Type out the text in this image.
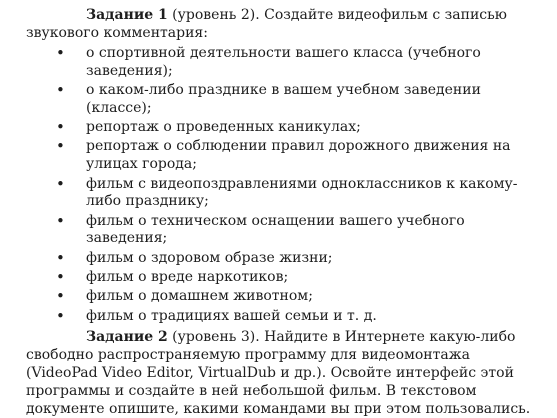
Задание 1 (уровень 2). Создайте видеофильм с записью звукового комментария:

• о спортивной деятельности вашего класса (учебного заведения);
• о каком-либо празднике в вашем учебном заведении (классе);
• репортаж о проведенных каникулах;
• репортаж о соблюдении правил дорожного движения на улицах города;
• фильм с видеопоздравлениями одноклассников к какому-либо празднику;
• фильм о техническом оснащении вашего учебного заведения;
• фильм о здоровом образе жизни;
• фильм о вреде наркотиков;
• фильм о домашнем животном;
• фильм о традициях вашей семьи и т. д.

Задание 2 (уровень 3). Найдите в Интернете какую-либо свободно распространяемую программу для видеомонтажа (VideoPad Video Editor, VirtualDub и др.). Освойте интерфейс этой программы и создайте в ней небольшой фильм. В текстовом документе опишите, какими командами вы при этом пользовались.
